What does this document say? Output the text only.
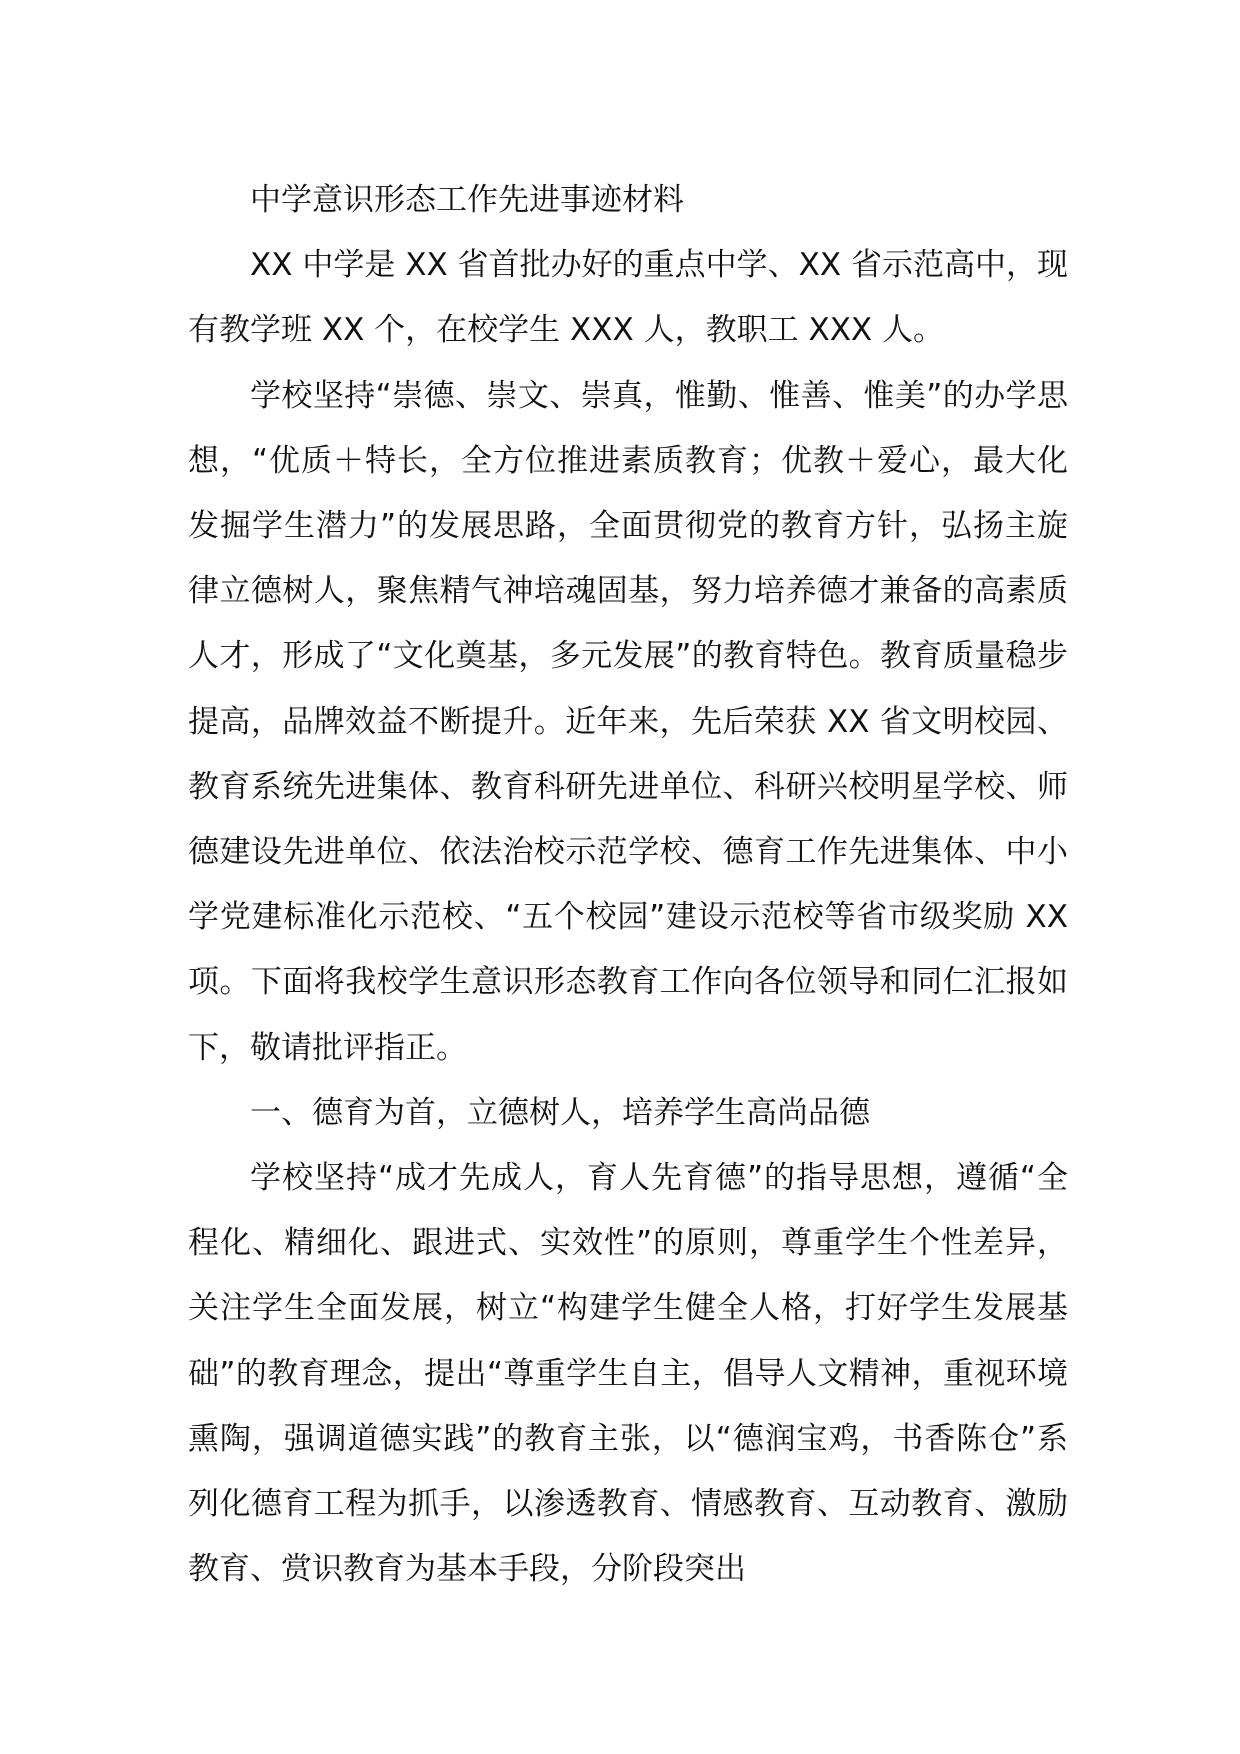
中学意识形态工作先进事迹材料

XX 中学是 XX 省首批办好的重点中学、XX 省示范高中，现有教学班 XX 个，在校学生 XXX 人，教职工 XXX 人。

学校坚持“崇德、崇文、崇真，惟勤、惟善、惟美”的办学思想，“优质＋特长，全方位推进素质教育；优教＋爱心，最大化发掘学生潜力”的发展思路，全面贯彻党的教育方针，弘扬主旋律立德树人，聚焦精气神培魂固基，努力培养德才兼备的高素质人才，形成了“文化奠基，多元发展”的教育特色。教育质量稳步提高，品牌效益不断提升。近年来，先后荣获 XX 省文明校园、教育系统先进集体、教育科研先进单位、科研兴校明星学校、师德建设先进单位、依法治校示范学校、德育工作先进集体、中小学党建标准化示范校、“五个校园”建设示范校等省市级奖励 XX 项。下面将我校学生意识形态教育工作向各位领导和同仁汇报如下，敬请批评指正。

一、德育为首，立德树人，培养学生高尚品德

学校坚持“成才先成人，育人先育德”的指导思想，遵循“全程化、精细化、跟进式、实效性”的原则，尊重学生个性差异，关注学生全面发展，树立“构建学生健全人格，打好学生发展基础”的教育理念，提出“尊重学生自主，倡导人文精神，重视环境熏陶，强调道德实践”的教育主张，以“德润宝鸡，书香陈仓”系列化德育工程为抓手，以渗透教育、情感教育、互动教育、激励教育、赏识教育为基本手段，分阶段突出
